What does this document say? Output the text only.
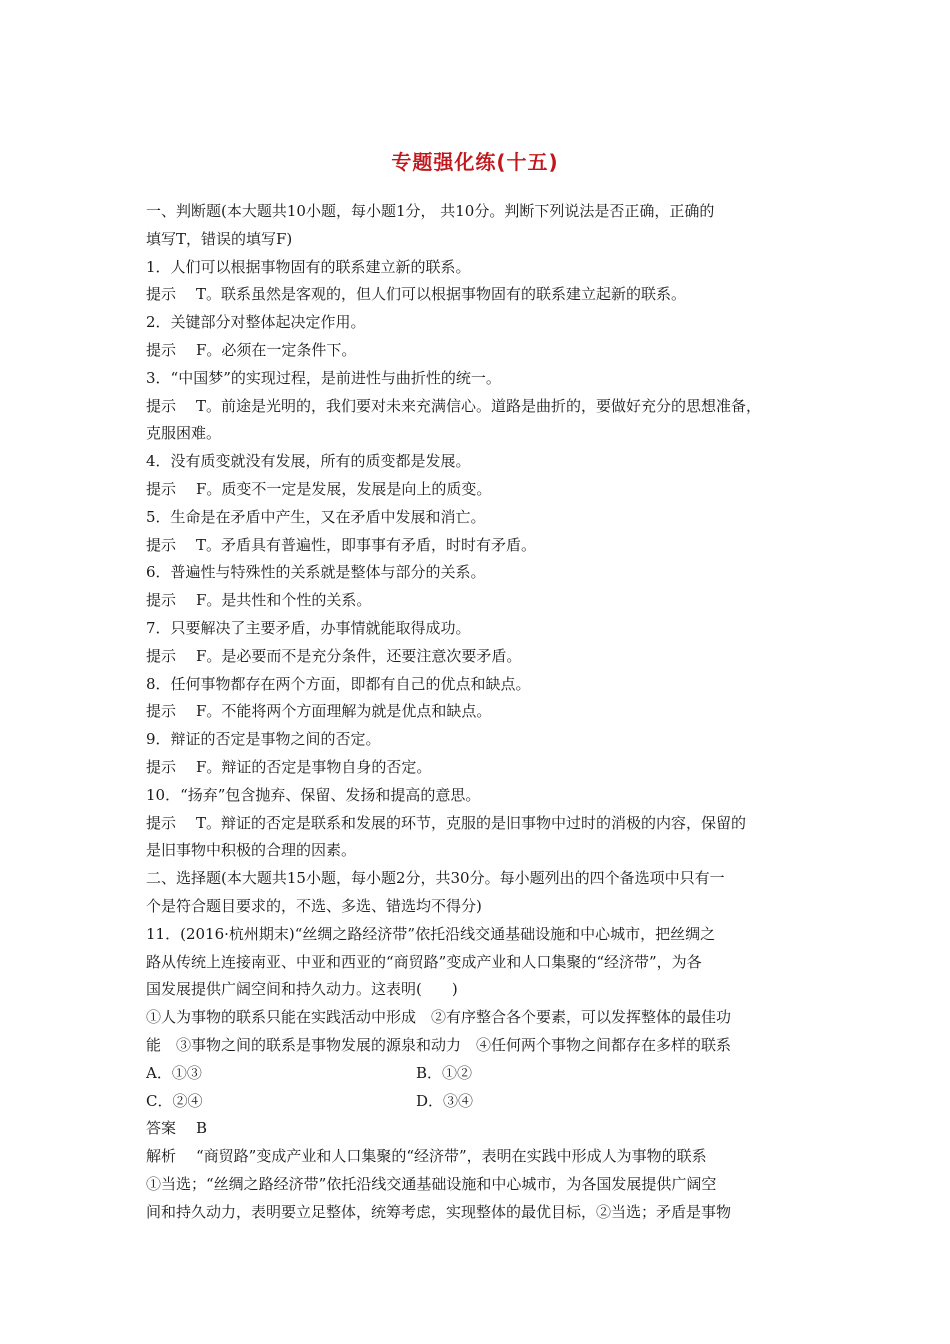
专题强化练(十五)
一、判断题(本大题共10小题，每小题1分， 共10分。判断下列说法是否正确，正确的
填写T，错误的填写F)
1．人们可以根据事物固有的联系建立新的联系。
提示 T。联系虽然是客观的，但人们可以根据事物固有的联系建立起新的联系。
2．关键部分对整体起决定作用。
提示 F。必须在一定条件下。
3．“中国梦”的实现过程，是前进性与曲折性的统一。
提示 T。前途是光明的，我们要对未来充满信心。道路是曲折的，要做好充分的思想准备，
克服困难。
4．没有质变就没有发展，所有的质变都是发展。
提示 F。质变不一定是发展，发展是向上的质变。
5．生命是在矛盾中产生，又在矛盾中发展和消亡。
提示 T。矛盾具有普遍性，即事事有矛盾，时时有矛盾。
6．普遍性与特殊性的关系就是整体与部分的关系。
提示 F。是共性和个性的关系。
7．只要解决了主要矛盾，办事情就能取得成功。
提示 F。是必要而不是充分条件，还要注意次要矛盾。
8．任何事物都存在两个方面，即都有自己的优点和缺点。
提示 F。不能将两个方面理解为就是优点和缺点。
9．辩证的否定是事物之间的否定。
提示 F。辩证的否定是事物自身的否定。
10．“扬弃”包含抛弃、保留、发扬和提高的意思。
提示 T。辩证的否定是联系和发展的环节，克服的是旧事物中过时的消极的内容，保留的
是旧事物中积极的合理的因素。
二、选择题(本大题共15小题，每小题2分，共30分。每小题列出的四个备选项中只有一
个是符合题目要求的，不选、多选、错选均不得分)
11．(2016·杭州期末)“丝绸之路经济带”依托沿线交通基础设施和中心城市，把丝绸之
路从传统上连接南亚、中亚和西亚的“商贸路”变成产业和人口集聚的“经济带”，为各
国发展提供广阔空间和持久动力。这表明(　　)
①人为事物的联系只能在实践活动中形成　②有序整合各个要素，可以发挥整体的最佳功
能　③事物之间的联系是事物发展的源泉和动力　④任何两个事物之间都存在多样的联系
A．①③	B．①②
C．②④	D．③④
答案 B
解析 “商贸路”变成产业和人口集聚的“经济带”，表明在实践中形成人为事物的联系
①当选；“丝绸之路经济带”依托沿线交通基础设施和中心城市，为各国发展提供广阔空
间和持久动力，表明要立足整体，统筹考虑，实现整体的最优目标，②当选；矛盾是事物
